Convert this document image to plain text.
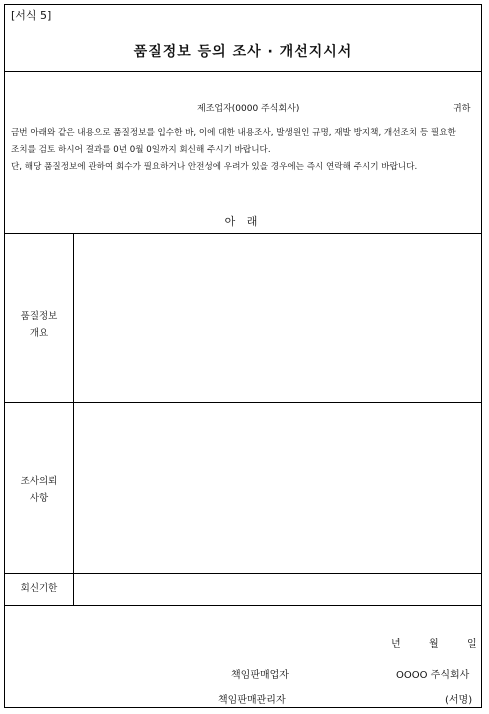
[서식 5]
품질정보 등의 조사 · 개선지시서
제조업자(0000 주식회사)	귀하

금번 아래와 같은 내용으로 품질정보를 입수한 바, 이에 대한 내용조사, 발생원인 규명, 재발 방지책, 개선조치 등 필요한 조치를 검토 하시어 결과를 0년 0월 0일까지 회신해 주시기 바랍니다.

단, 해당 품질정보에 관하여 회수가 필요하거나 안전성에 우려가 있을 경우에는 즉시 연락해 주시기 바랍니다.

아 래
품질정보
개요
조사의뢰
사항
회신기한
년	월	일
책임판매업자	OOOO 주식회사
책임판매관리자	(서명)
